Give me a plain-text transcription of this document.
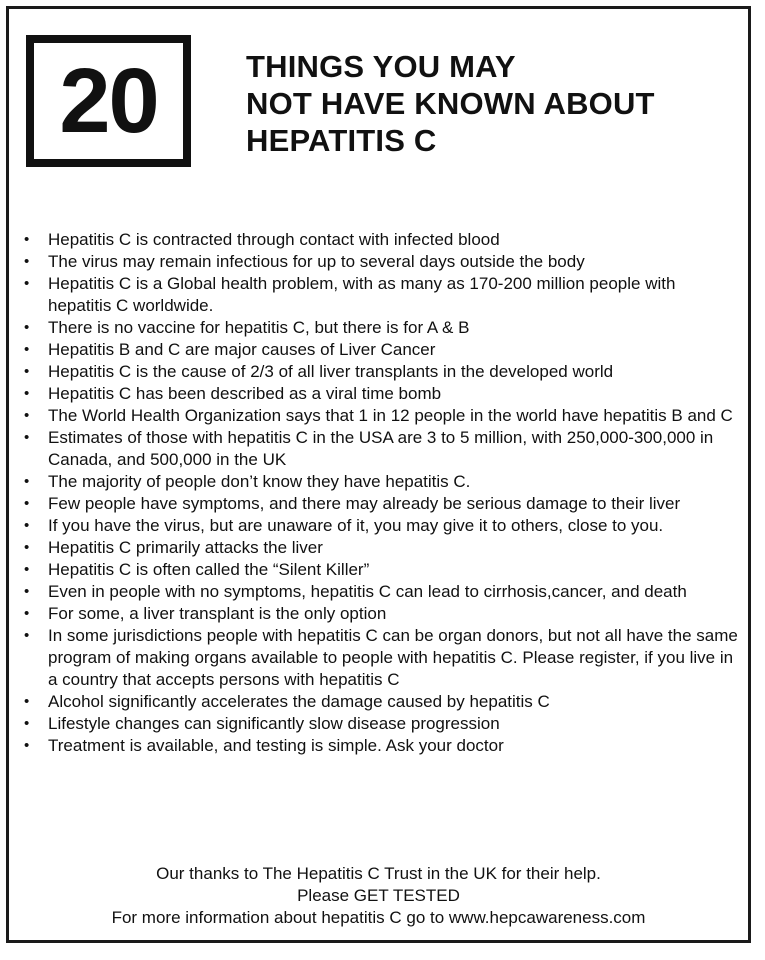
20	THINGS YOU MAY
NOT HAVE KNOWN ABOUT
HEPATITIS C
• Hepatitis C is contracted through contact with infected blood
• The virus may remain infectious for up to several days outside the body
• Hepatitis C is a Global health problem, with as many as 170-200 million people with hepatitis C worldwide.
• There is no vaccine for hepatitis C, but there is for A & B
• Hepatitis B and C are major causes of Liver Cancer
• Hepatitis C is the cause of 2/3 of all liver transplants in the developed world
• Hepatitis C has been described as a viral time bomb
• The World Health Organization says that 1 in 12 people in the world have hepatitis B and C
• Estimates of those with hepatitis C in the USA are 3 to 5 million, with 250,000-300,000 in Canada, and 500,000 in the UK
• The majority of people don’t know they have hepatitis C.
• Few people have symptoms, and there may already be serious damage to their liver
• If you have the virus, but are unaware of it, you may give it to others, close to you.
• Hepatitis C primarily attacks the liver
• Hepatitis C is often called the “Silent Killer”
• Even in people with no symptoms, hepatitis C can lead to cirrhosis,cancer, and death
• For some, a liver transplant is the only option
• In some jurisdictions people with hepatitis C can be organ donors, but not all have the same program of making organs available to people with hepatitis C. Please register, if you live in a country that accepts persons with hepatitis C
• Alcohol significantly accelerates the damage caused by hepatitis C
• Lifestyle changes can significantly slow disease progression
• Treatment is available, and testing is simple. Ask your doctor
Our thanks to The Hepatitis C Trust in the UK for their help.
Please GET TESTED
For more information about hepatitis C go to www.hepcawareness.com
